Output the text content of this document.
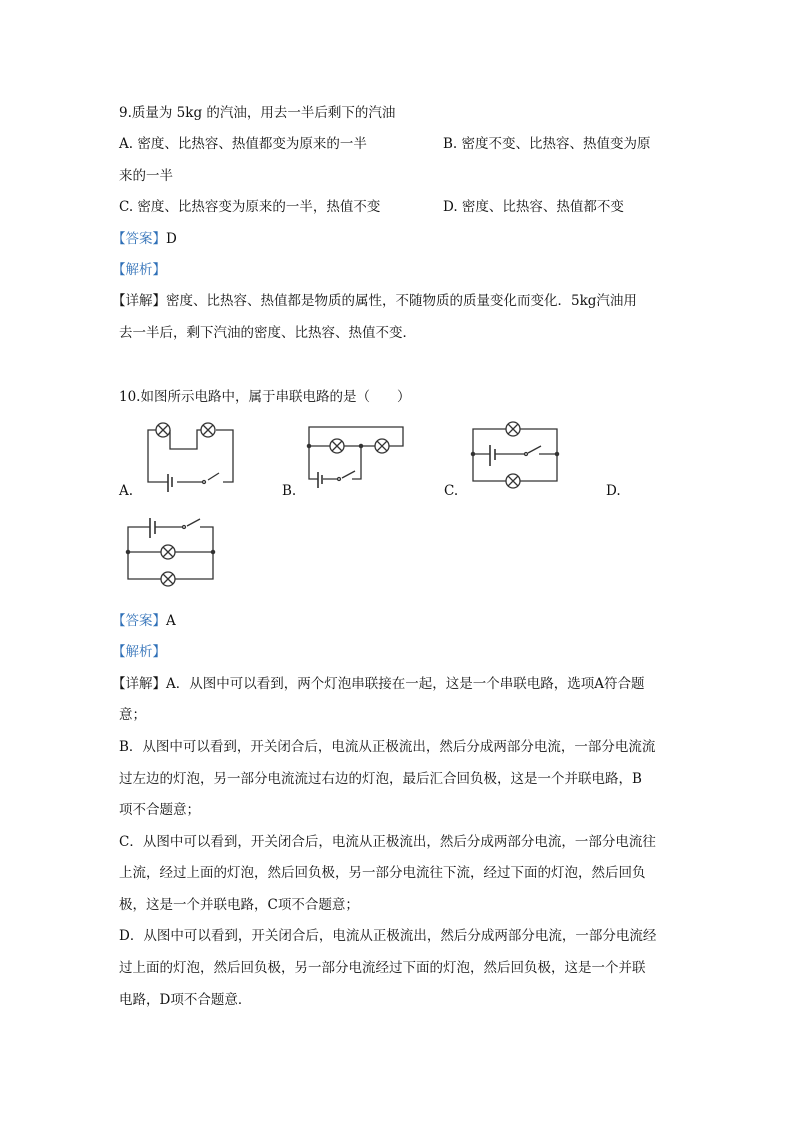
9.质量为 5kg 的汽油，用去一半后剩下的汽油
A. 密度、比热容、热值都变为原来的一半	B. 密度不变、比热容、热值变为原
来的一半
C. 密度、比热容变为原来的一半，热值不变	D. 密度、比热容、热值都不变
【答案】D
【解析】
【详解】密度、比热容、热值都是物质的属性，不随物质的质量变化而变化．5kg汽油用
去一半后，剩下汽油的密度、比热容、热值不变．
10.如图所示电路中，属于串联电路的是（　　）
A.	B.	C.	D.
【答案】A
【解析】
【详解】A．从图中可以看到，两个灯泡串联接在一起，这是一个串联电路，选项A符合题
意；
B．从图中可以看到，开关闭合后，电流从正极流出，然后分成两部分电流，一部分电流流
过左边的灯泡，另一部分电流流过右边的灯泡，最后汇合回负极，这是一个并联电路，B
项不合题意；
C．从图中可以看到，开关闭合后，电流从正极流出，然后分成两部分电流，一部分电流往
上流，经过上面的灯泡，然后回负极，另一部分电流往下流，经过下面的灯泡，然后回负
极，这是一个并联电路，C项不合题意；
D．从图中可以看到，开关闭合后，电流从正极流出，然后分成两部分电流，一部分电流经
过上面的灯泡，然后回负极，另一部分电流经过下面的灯泡，然后回负极，这是一个并联
电路，D项不合题意．
